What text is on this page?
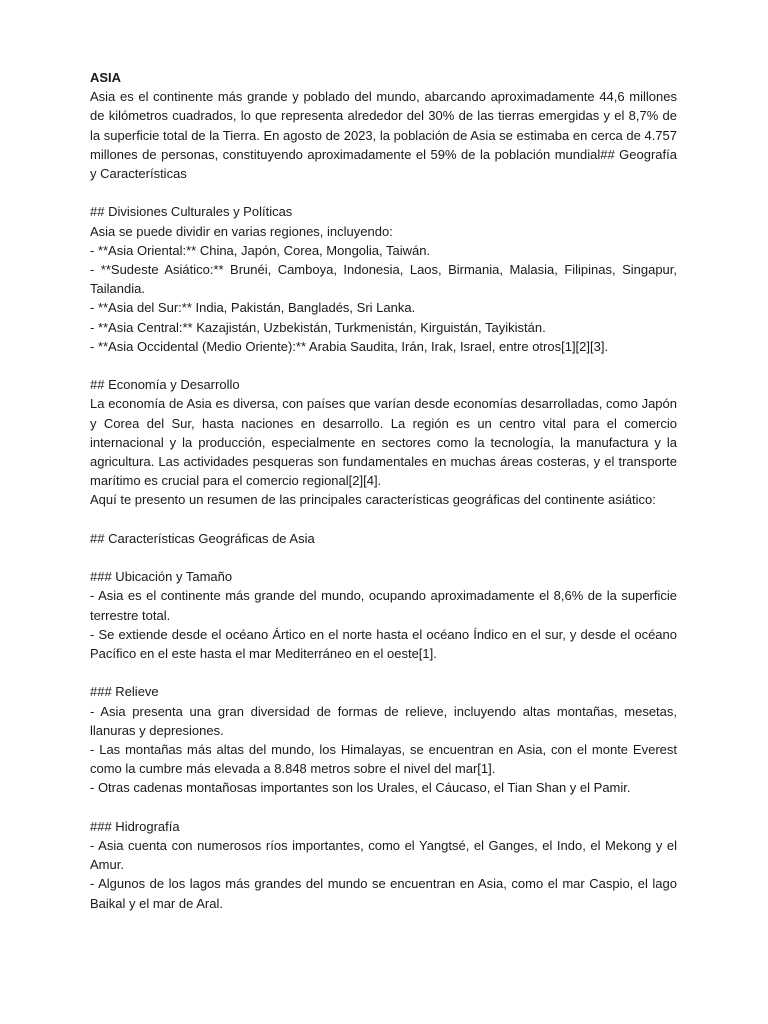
ASIA

Asia es el continente más grande y poblado del mundo, abarcando aproximadamente 44,6 millones de kilómetros cuadrados, lo que representa alrededor del 30% de las tierras emergidas y el 8,7% de la superficie total de la Tierra. En agosto de 2023, la población de Asia se estimaba en cerca de 4.757 millones de personas, constituyendo aproximadamente el 59% de la población mundial## Geografía y Características

## Divisiones Culturales y Políticas

Asia se puede dividir en varias regiones, incluyendo:

- **Asia Oriental:** China, Japón, Corea, Mongolia, Taiwán.

- **Sudeste Asiático:** Brunéi, Camboya, Indonesia, Laos, Birmania, Malasia, Filipinas, Singapur, Tailandia.

- **Asia del Sur:** India, Pakistán, Bangladés, Sri Lanka.

- **Asia Central:** Kazajistán, Uzbekistán, Turkmenistán, Kirguistán, Tayikistán.

- **Asia Occidental (Medio Oriente):** Arabia Saudita, Irán, Irak, Israel, entre otros[1][2][3].

## Economía y Desarrollo

La economía de Asia es diversa, con países que varían desde economías desarrolladas, como Japón y Corea del Sur, hasta naciones en desarrollo. La región es un centro vital para el comercio internacional y la producción, especialmente en sectores como la tecnología, la manufactura y la agricultura. Las actividades pesqueras son fundamentales en muchas áreas costeras, y el transporte marítimo es crucial para el comercio regional[2][4].

Aquí te presento un resumen de las principales características geográficas del continente asiático:

## Características Geográficas de Asia

### Ubicación y Tamaño

- Asia es el continente más grande del mundo, ocupando aproximadamente el 8,6% de la superficie terrestre total.

- Se extiende desde el océano Ártico en el norte hasta el océano Índico en el sur, y desde el océano Pacífico en el este hasta el mar Mediterráneo en el oeste[1].

### Relieve

- Asia presenta una gran diversidad de formas de relieve, incluyendo altas montañas, mesetas, llanuras y depresiones.

- Las montañas más altas del mundo, los Himalayas, se encuentran en Asia, con el monte Everest como la cumbre más elevada a 8.848 metros sobre el nivel del mar[1].

- Otras cadenas montañosas importantes son los Urales, el Cáucaso, el Tian Shan y el Pamir.

### Hidrografía

- Asia cuenta con numerosos ríos importantes, como el Yangtsé, el Ganges, el Indo, el Mekong y el Amur.

- Algunos de los lagos más grandes del mundo se encuentran en Asia, como el mar Caspio, el lago Baikal y el mar de Aral.
